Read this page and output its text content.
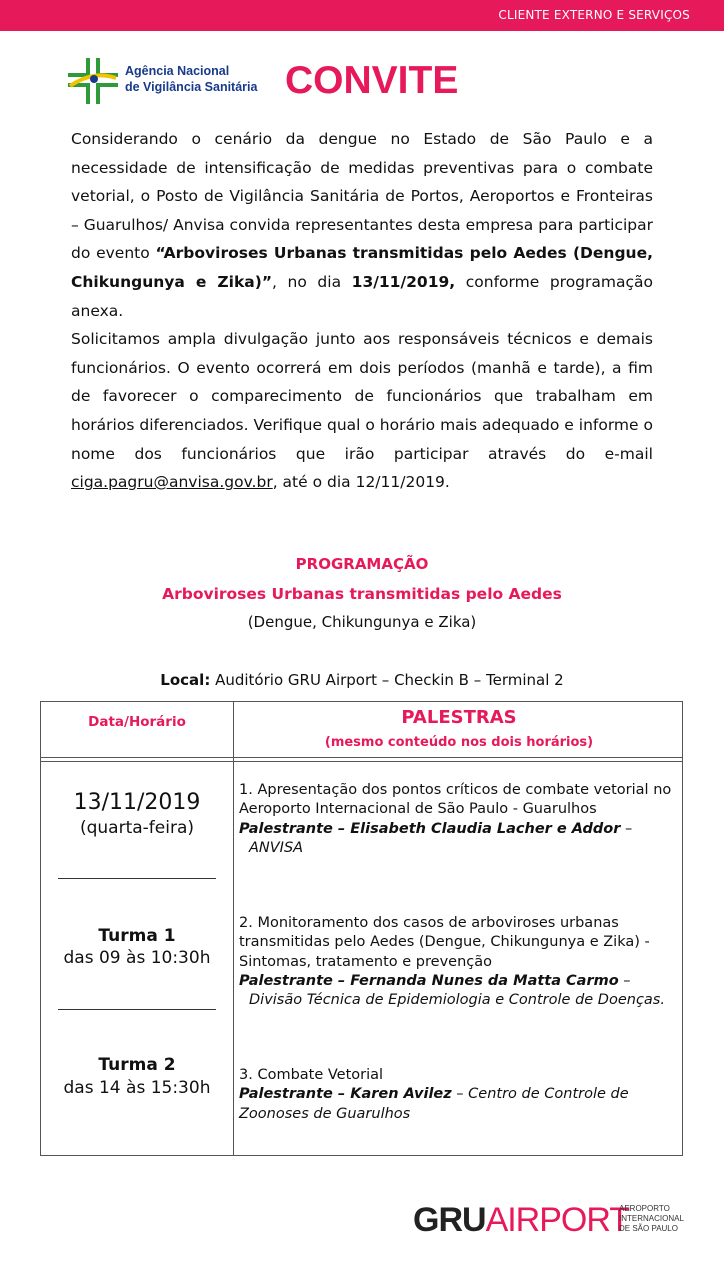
CLIENTE EXTERNO E SERVIÇOS
Agência Nacional
de Vigilância Sanitária CONVITE

Considerando o cenário da dengue no Estado de São Paulo e a necessidade de intensificação de medidas preventivas para o combate vetorial, o Posto de Vigilância Sanitária de Portos, Aeroportos e Fronteiras – Guarulhos/ Anvisa convida representantes desta empresa para participar do evento “Arboviroses Urbanas transmitidas pelo Aedes (Dengue, Chikungunya e Zika)”, no dia 13/11/2019, conforme programação anexa.

Solicitamos ampla divulgação junto aos responsáveis técnicos e demais funcionários. O evento ocorrerá em dois períodos (manhã e tarde), a fim de favorecer o comparecimento de funcionários que trabalham em horários diferenciados. Verifique qual o horário mais adequado e informe o nome dos funcionários que irão participar através do e-mail ciga.pagru@anvisa.gov.br, até o dia 12/11/2019.

PROGRAMAÇÃO
Arboviroses Urbanas transmitidas pelo Aedes
(Dengue, Chikungunya e Zika)
Local: Auditório GRU Airport – Checkin B – Terminal 2
Data/Horário	PALESTRAS
(mesmo conteúdo nos dois horários)
13/11/2019
(quarta-feira)
Turma 1
das 09 às 10:30h
Turma 2
das 14 às 15:30h
1. Apresentação dos pontos críticos de combate vetorial no Aeroporto Internacional de São Paulo - Guarulhos
Palestrante – Elisabeth Claudia Lacher e Addor –
ANVISA
2. Monitoramento dos casos de arboviroses urbanas transmitidas pelo Aedes (Dengue, Chikungunya e Zika) - Sintomas, tratamento e prevenção
Palestrante – Fernanda Nunes da Matta Carmo –
Divisão Técnica de Epidemiologia e Controle de Doenças.
3. Combate Vetorial
Palestrante – Karen Avilez – Centro de Controle de Zoonoses de Guarulhos
GRUAIRPORT
AEROPORTO
INTERNACIONAL
DE SÃO PAULO
